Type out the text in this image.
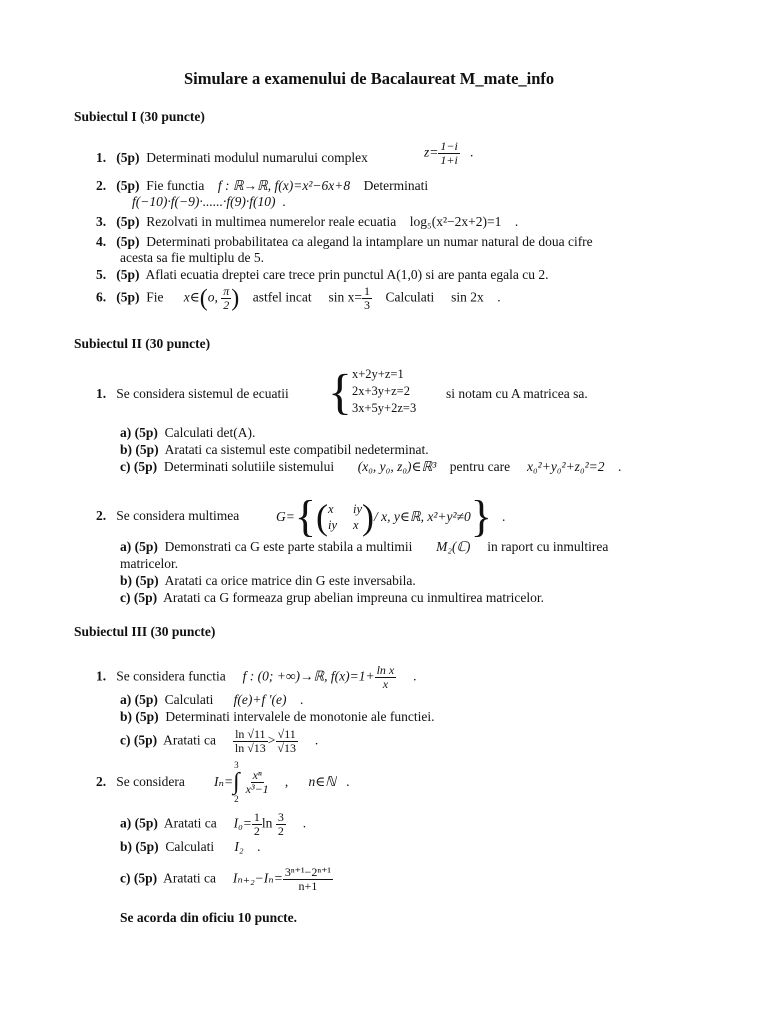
Simulare a examenului de Bacalaureat M_mate_info
Subiectul I (30 puncte)
1. (5p) Determinati modulul numarului complex	$z= \frac{1-i}{1+i}$ .
2. (5p) Fie functia f : ℝ→ℝ, f(x)=x²−6x+8 Determinati
f(−10)·f(−9)·......·f(9)·f(10) .
3. (5p) Rezolvati in multimea numerelor reale ecuatia log₅(x²−2x+2)=1 .
4. (5p) Determinati probabilitatea ca alegand la intamplare un numar natural de doua cifre
acesta sa fie multiplu de 5.
5. (5p) Aflati ecuatia dreptei care trece prin punctul A(1,0) si are panta egala cu 2.
6. (5p) Fie x∈(o, $\frac{\pi}{2}$ ) astfel incat $\sin x= \frac{1}{3}$ Calculati sin 2x .
Subiectul II (30 puncte)
1. Se considera sistemul de ecuatii { x+2y+z=1
2x+3y+z=2
3x+5y+2z=3
si notam cu A matricea sa.
a) (5p) Calculati det(A).
b) (5p) Aratati ca sistemul este compatibil nedeterminat.
c) (5p) Determinati solutiile sistemului (x₀, y₀, z₀)∈ℝ³ pentru care x₀²+y₀²+z₀²=2 .
2. Se considera multimea	G={( x iy
iy x )/ x, y∈ℝ, x²+y²≠0} .
a) (5p) Demonstrati ca G este parte stabila a multimii M₂(ℂ) in raport cu inmultirea
matricelor.
b) (5p) Aratati ca orice matrice din G este inversabila.
c) (5p) Aratati ca G formeaza grup abelian impreuna cu inmultirea matricelor.
Subiectul III (30 puncte)
1. Se considera functia f : (0; +∞)→ℝ, $f(x)=1+ \frac{\text{ln x}}{x}$ .
a) (5p) Calculati f(e)+f ′(e) .
b) (5p) Determinati intervalele de monotonie ale functiei.
c) (5p) Aratati ca $\frac{\ln √11}{\ln √13} > \frac{√11}{√13}$ .
2. Se considera Iₙ=
3
∫
2

$\frac{\text{xⁿ}}{\text{x³−1}}$ , n∈ℕ .
a) (5p) Aratati ca $I_0= \frac{1}{2}$ $\ln \frac{3}{2}$ .
b) (5p) Calculati I₂ .
c) (5p) Aratati ca $I_{n+2}-I_n= \frac{\text{3ⁿ⁺¹−2ⁿ⁺¹}}{n+1}$
Se acorda din oficiu 10 puncte.
